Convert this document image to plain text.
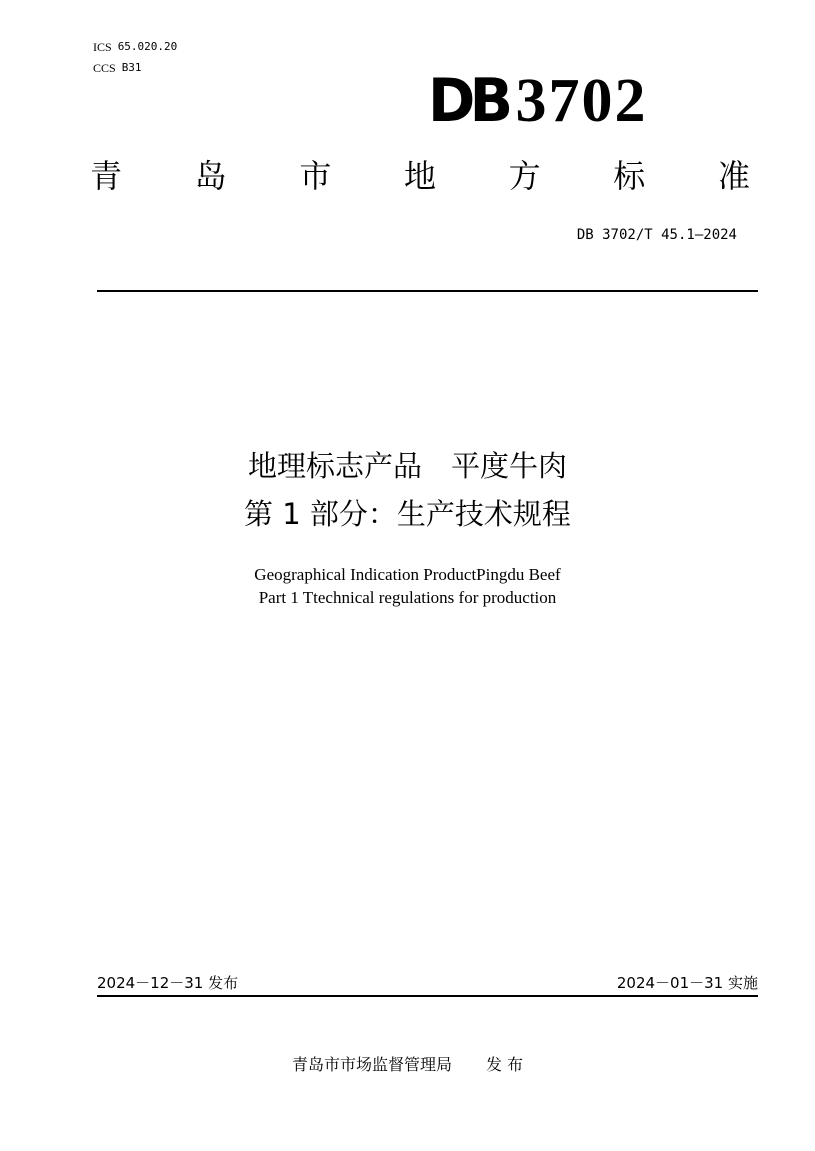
ICS 65.020.20
CCS B31	DB 3702
青 岛 市 地 方 标 准
DB 3702/T 45.1—2024
地理标志产品　平度牛肉
第 1 部分：生产技术规程
Geographical Indication ProductPingdu Beef
Part 1 Ttechnical regulations for production
2024－12－31 发布	2024－01－31 实施
青岛市市场监督管理局 发 布
